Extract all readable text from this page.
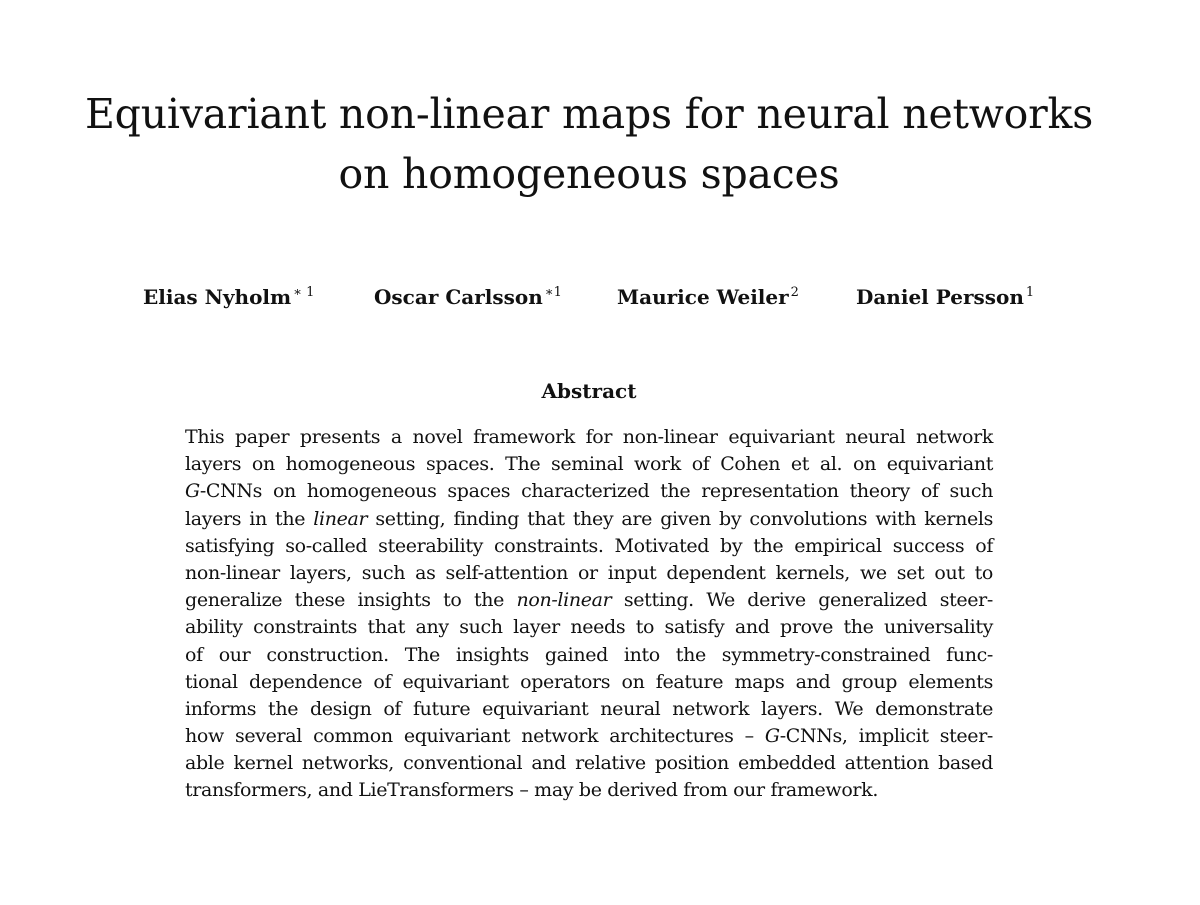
Equivariant non-linear maps for neural networks
on homogeneous spaces
Elias Nyholm $^{∗ 1}$	Oscar Carlsson $^{∗1}$	Maurice Weiler $^2$	Daniel Persson $^1$
Abstract
This paper presents a novel framework for non-linear equivariant neural network
layers on homogeneous spaces. The seminal work of Cohen et al. on equivariant
G-CNNs on homogeneous spaces characterized the representation theory of such
layers in the linear setting, finding that they are given by convolutions with kernels
satisfying so-called steerability constraints. Motivated by the empirical success of
non-linear layers, such as self-attention or input dependent kernels, we set out to
generalize these insights to the non-linear setting. We derive generalized steer-
ability constraints that any such layer needs to satisfy and prove the universality
of our construction. The insights gained into the symmetry-constrained func-
tional dependence of equivariant operators on feature maps and group elements
informs the design of future equivariant neural network layers. We demonstrate
how several common equivariant network architectures – G-CNNs, implicit steer-
able kernel networks, conventional and relative position embedded attention based
transformers, and LieTransformers – may be derived from our framework.
